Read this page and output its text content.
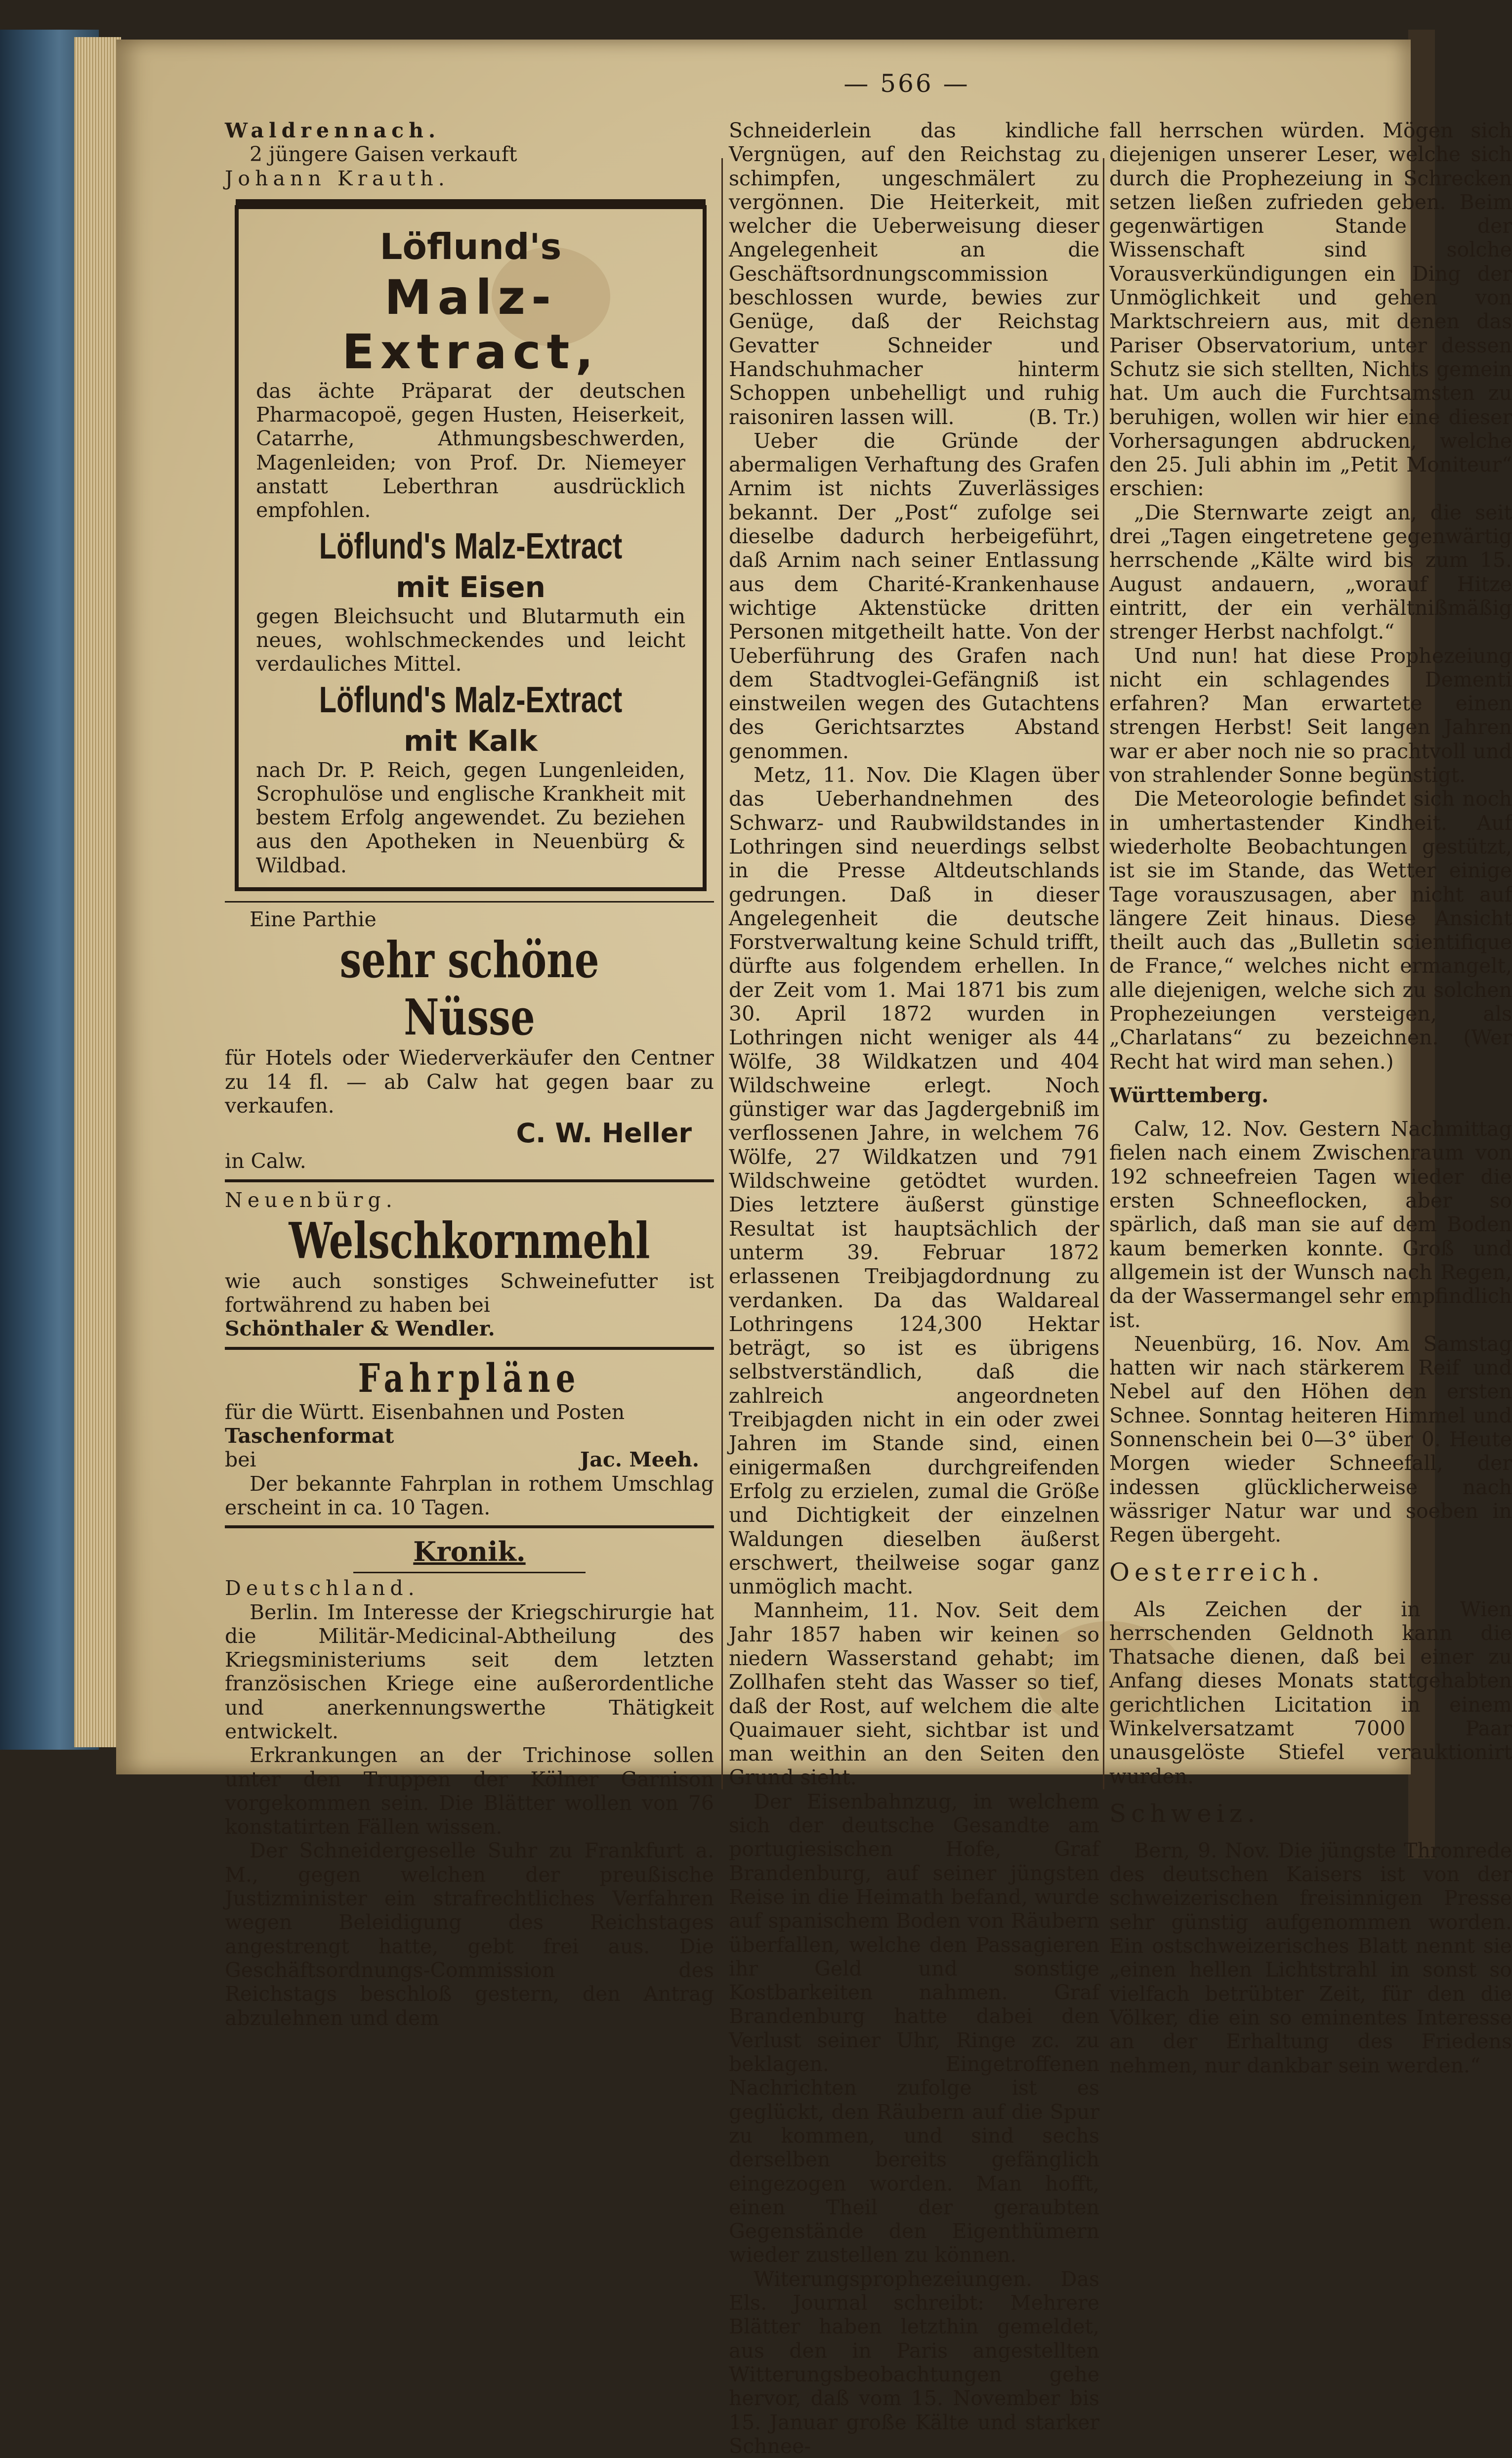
— 566 —

Waldrennach.

2 jüngere Gaisen verkauft

Johann Krauth.

Löflund's
Malz-Extract,

das ächte Präparat der deutschen Pharmacopoë, gegen Husten, Heiserkeit, Catarrhe, Athmungsbeschwerden, Magenleiden; von Prof. Dr. Niemeyer anstatt Leberthran ausdrücklich empfohlen.

Löflund's Malz-Extract
mit Eisen

gegen Bleichsucht und Blutarmuth ein neues, wohlschmeckendes und leicht verdauliches Mittel.

Löflund's Malz-Extract
mit Kalk

nach Dr. P. Reich, gegen Lungenleiden, Scrophulöse und englische Krankheit mit bestem Erfolg angewendet. Zu beziehen aus den Apotheken in Neuenbürg & Wildbad.

Eine Parthie

sehr schöne Nüsse

für Hotels oder Wiederverkäufer den Centner zu 14 fl. — ab Calw hat gegen baar zu verkaufen.

C. W. Heller

in Calw.

Neuenbürg.

Welschkornmehl

wie auch sonstiges Schweinefutter ist fortwährend zu haben bei

Schönthaler & Wendler.

Fahrpläne

für die Württ. Eisenbahnen und Posten

Taschenformat

bei	Jac. Meeh.

Der bekannte Fahrplan in rothem Umschlag erscheint in ca. 10 Tagen.

Kronik.

Deutschland.

Berlin. Im Interesse der Kriegschirurgie hat die Militär-Medicinal-Abtheilung des Kriegsministeriums seit dem letzten französischen Kriege eine außerordentliche und anerkennungswerthe Thätigkeit entwickelt.

Erkrankungen an der Trichinose sollen unter den Truppen der Kölner Garnison vorgekommen sein. Die Blätter wollen von 76 konstatirten Fällen wissen.

Der Schneidergeselle Suhr zu Frankfurt a. M., gegen welchen der preußische Justizminister ein strafrechtliches Verfahren wegen Beleidigung des Reichstages angestrengt hatte, gebt frei aus. Die Geschäftsordnungs-Commission des Reichstags beschloß gestern, den Antrag abzulehnen und dem

Schneiderlein das kindliche Vergnügen, auf den Reichstag zu schimpfen, ungeschmälert zu vergönnen. Die Heiterkeit, mit welcher die Ueberweisung dieser Angelegenheit an die Geschäftsordnungscommission beschlossen wurde, bewies zur Genüge, daß der Reichstag Gevatter Schneider und Handschuhmacher hinterm Schoppen unbehelligt und ruhig raisoniren lassen will.	(B. Tr.)

Ueber die Gründe der abermaligen Verhaftung des Grafen Arnim ist nichts Zuverlässiges bekannt. Der „Post“ zufolge sei dieselbe dadurch herbeigeführt, daß Arnim nach seiner Entlassung aus dem Charité-Krankenhause wichtige Aktenstücke dritten Personen mitgetheilt hatte. Von der Ueberführung des Grafen nach dem Stadtvoglei-Gefängniß ist einstweilen wegen des Gutachtens des Gerichtsarztes Abstand genommen.

Metz, 11. Nov. Die Klagen über das Ueberhandnehmen des Schwarz- und Raubwildstandes in Lothringen sind neuerdings selbst in die Presse Altdeutschlands gedrungen. Daß in dieser Angelegenheit die deutsche Forstverwaltung keine Schuld trifft, dürfte aus folgendem erhellen. In der Zeit vom 1. Mai 1871 bis zum 30. April 1872 wurden in Lothringen nicht weniger als 44 Wölfe, 38 Wildkatzen und 404 Wildschweine erlegt. Noch günstiger war das Jagdergebniß im verflossenen Jahre, in welchem 76 Wölfe, 27 Wildkatzen und 791 Wildschweine getödtet wurden. Dies letztere äußerst günstige Resultat ist hauptsächlich der unterm 39. Februar 1872 erlassenen Treibjagdordnung zu verdanken. Da das Waldareal Lothringens 124,300 Hektar beträgt, so ist es übrigens selbstverständlich, daß die zahlreich angeordneten Treibjagden nicht in ein oder zwei Jahren im Stande sind, einen einigermaßen durchgreifenden Erfolg zu erzielen, zumal die Größe und Dichtigkeit der einzelnen Waldungen dieselben äußerst erschwert, theilweise sogar ganz unmöglich macht.

Mannheim, 11. Nov. Seit dem Jahr 1857 haben wir keinen so niedern Wasserstand gehabt; im Zollhafen steht das Wasser so tief, daß der Rost, auf welchem die alte Quaimauer sieht, sichtbar ist und man weithin an den Seiten den Grund sieht.

Der Eisenbahnzug, in welchem sich der deutsche Gesandte am portugiesischen Hofe, Graf Brandenburg, auf seiner jüngsten Reise in die Heimath befand, wurde auf spanischem Boden von Räubern überfallen, welche den Passagieren ihr Geld und sonstige Kostbarkeiten nahmen. Graf Brandenburg hatte dabei den Verlust seiner Uhr, Ringe zc. zu beklagen. Eingetroffenen Nachrichten zufolge ist es geglückt, den Räubern auf die Spur zu kommen, und sind sechs derselben bereits gefänglich eingezogen worden. Man hofft, einen Theil der geraubten Gegenstände den Eigenthümern wieder zustellen zu können.

Witerungsprophezeiungen. Das Els. Journal schreibt: Mehrere Blätter haben letzthin gemeldet, aus den in Paris angestellten Witterungsbeobachtungen gehe hervor, daß vom 15. November bis 15. Januar große Kälte und starker Schnee-

fall herrschen würden. Mögen sich diejenigen unserer Leser, welche sich durch die Prophezeiung in Schrecken setzen ließen zufrieden geben. Beim gegenwärtigen Stande der Wissenschaft sind solche Vorausverkündigungen ein Ding der Unmöglichkeit und gehen von Marktschreiern aus, mit denen das Pariser Observatorium, unter dessen Schutz sie sich stellten, Nichts gemein hat. Um auch die Furchtsamsten zu beruhigen, wollen wir hier eine dieser Vorhersagungen abdrucken, welche den 25. Juli abhin im „Petit Moniteur“ erschien:

„Die Sternwarte zeigt an, die seit drei „Tagen eingetretene gegenwärtig herrschende „Kälte wird bis zum 15. August andauern, „worauf Hitze eintritt, der ein verhältnißmäßig strenger Herbst nachfolgt.“

Und nun! hat diese Prophezeiung nicht ein schlagendes Dementi erfahren? Man erwartete einen strengen Herbst! Seit langen Jahren war er aber noch nie so prachtvoll und von strahlender Sonne begünstigt.

Die Meteorologie befindet sich noch in umhertastender Kindheit. Auf wiederholte Beobachtungen gestützt, ist sie im Stande, das Wetter einige Tage vorauszusagen, aber nicht auf längere Zeit hinaus. Diese Ansicht theilt auch das „Bulletin scientifique de France,“ welches nicht ermangelt, alle diejenigen, welche sich zu solchen Prophezeiungen versteigen, als „Charlatans“ zu bezeichnen. (Wer Recht hat wird man sehen.)

Württemberg.

Calw, 12. Nov. Gestern Nachmittag fielen nach einem Zwischenraum von 192 schneefreien Tagen wieder die ersten Schneeflocken, aber so spärlich, daß man sie auf dem Boden kaum bemerken konnte. Groß und allgemein ist der Wunsch nach Regen, da der Wassermangel sehr empfindlich ist.

Neuenbürg, 16. Nov. Am Samstag hatten wir nach stärkerem Reif und Nebel auf den Höhen den ersten Schnee. Sonntag heiteren Himmel und Sonnenschein bei 0—3° über 0. Heute Morgen wieder Schneefall, der indessen glücklicherweise nach wässriger Natur war und soeben in Regen übergeht.

Oesterreich.

Als Zeichen der in Wien herrschenden Geldnoth kann die Thatsache dienen, daß bei einer zu Anfang dieses Monats stattgehabten gerichtlichen Licitation in einem Winkelversatzamt 7000 Paar unausgelöste Stiefel verauktionirt wurden.

Schweiz.

Bern, 9. Nov. Die jüngste Thronrede des deutschen Kaisers ist von der schweizerischen freisinnigen Presse sehr günstig aufgenommen worden. Ein ostschweizerisches Blatt nennt sie „einen hellen Lichtstrahl in sonst so vielfach betrübter Zeit, für den die Völker, die ein so eminentes Interesse an der Erhaltung des Friedens nehmen, nur dankbar sein werden.“
